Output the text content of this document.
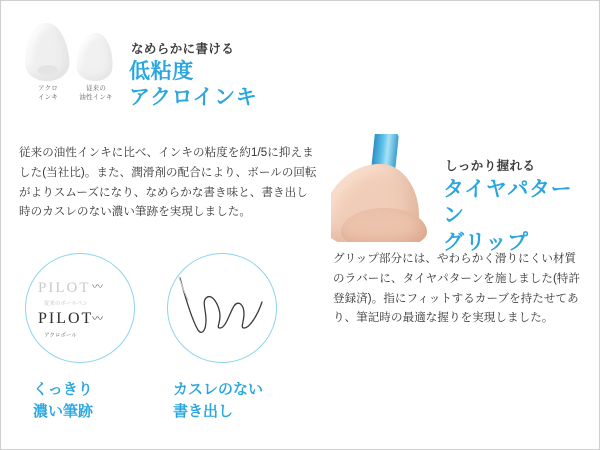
アクロ
インキ
従来の
油性インキ
なめらかに書ける
低粘度
アクロインキ
従来の油性インキに比べ、インキの粘度を約1/5に抑えました(当社比)。また、潤滑剤の配合により、ボールの回転がよりスムーズになり、なめらかな書き味と、書き出し時のカスレのない濃い筆跡を実現しました。
しっかり握れる
タイヤパターン
グリップ
グリップ部分には、やわらかく滑りにくい材質のラバーに、タイヤパターンを施しました(特許登録済)。指にフィットするカーブを持たせてあり、筆記時の最適な握りを実現しました。
PILOT 〰
従来のボールペン
PILOT
〰
アクロボール
くっきり
濃い筆跡
カスレのない
書き出し
